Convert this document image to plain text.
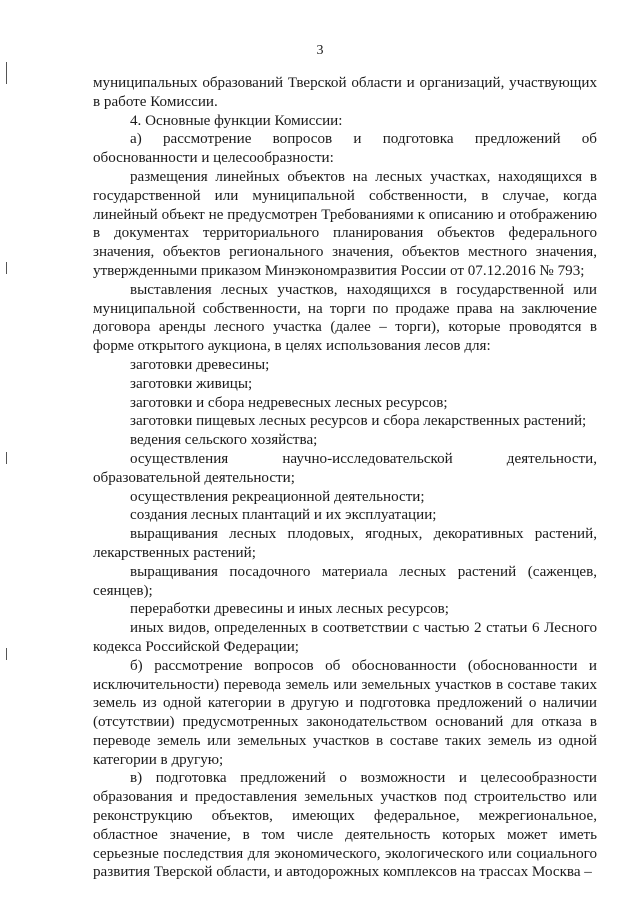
3

муниципальных образований Тверской области и организаций, участвующих в работе Комиссии.

4. Основные функции Комиссии:

а) рассмотрение вопросов и подготовка предложений об обоснованности и целесообразности:

размещения линейных объектов на лесных участках, находящихся в государственной или муниципальной собственности, в случае, когда линейный объект не предусмотрен Требованиями к описанию и отображению в документах территориального планирования объектов федерального значения, объектов регионального значения, объектов местного значения, утвержденными приказом Минэкономразвития России от 07.12.2016 № 793;

выставления лесных участков, находящихся в государственной или муниципальной собственности, на торги по продаже права на заключение договора аренды лесного участка (далее – торги), которые проводятся в форме открытого аукциона, в целях использования лесов для:

заготовки древесины;

заготовки живицы;

заготовки и сбора недревесных лесных ресурсов;

заготовки пищевых лесных ресурсов и сбора лекарственных растений;

ведения сельского хозяйства;

осуществления научно-исследовательской деятельности, образовательной деятельности;

осуществления рекреационной деятельности;

создания лесных плантаций и их эксплуатации;

выращивания лесных плодовых, ягодных, декоративных растений, лекарственных растений;

выращивания посадочного материала лесных растений (саженцев, сеянцев);

переработки древесины и иных лесных ресурсов;

иных видов, определенных в соответствии с частью 2 статьи 6 Лесного кодекса Российской Федерации;

б) рассмотрение вопросов об обоснованности (обоснованности и исключительности) перевода земель или земельных участков в составе таких земель из одной категории в другую и подготовка предложений о наличии (отсутствии) предусмотренных законодательством оснований для отказа в переводе земель или земельных участков в составе таких земель из одной категории в другую;

в) подготовка предложений о возможности и целесообразности образования и предоставления земельных участков под строительство или реконструкцию объектов, имеющих федеральное, межрегиональное, областное значение, в том числе деятельность которых может иметь серьезные последствия для экономического, экологического или социального развития Тверской области, и автодорожных комплексов на трассах Москва –
